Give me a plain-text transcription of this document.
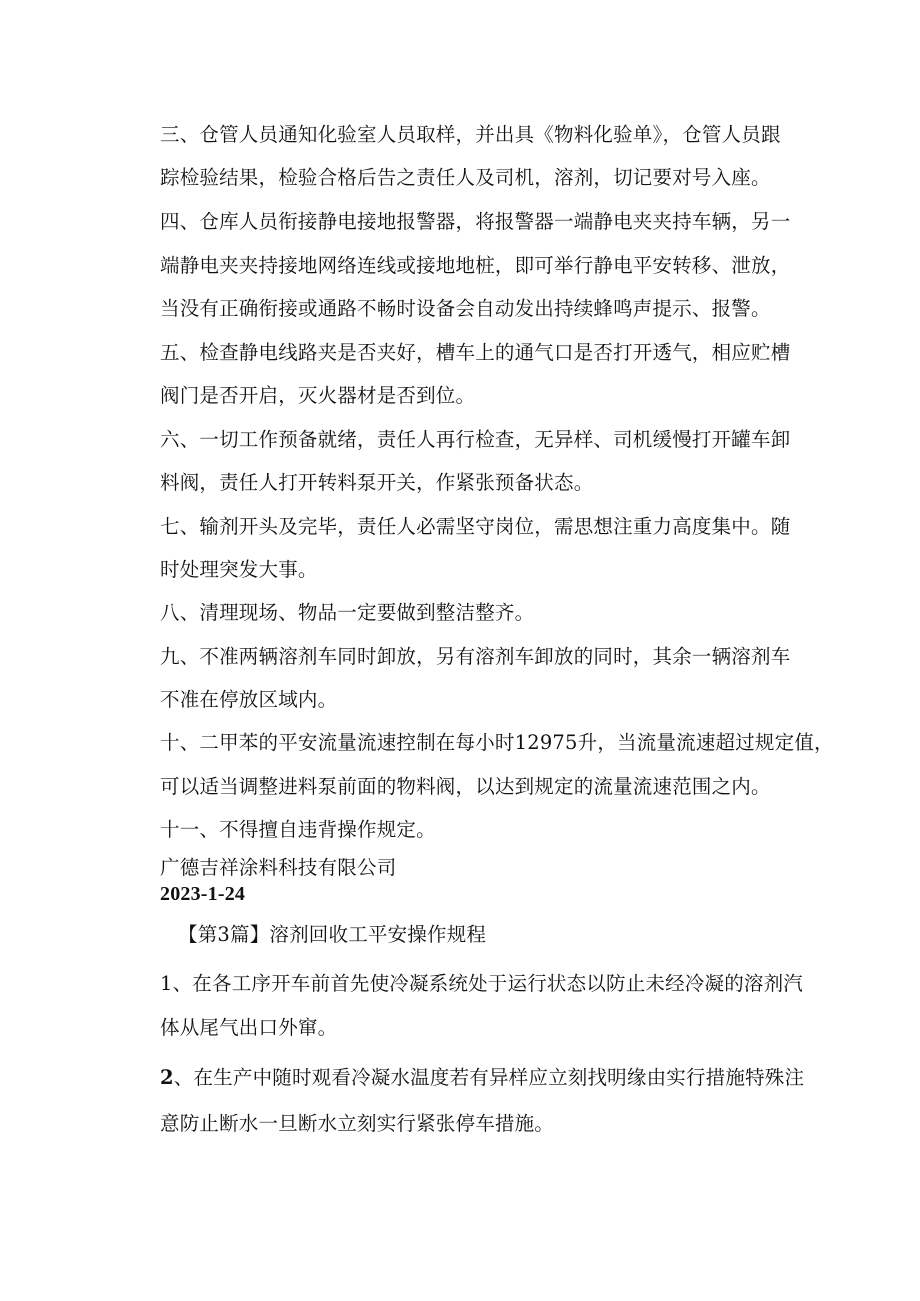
三、仓管人员通知化验室人员取样，并出具《物料化验单》，仓管人员跟
踪检验结果，检验合格后告之责任人及司机，溶剂，切记要对号入座。
四、仓库人员衔接静电接地报警器，将报警器一端静电夹夹持车辆，另一
端静电夹夹持接地网络连线或接地地桩，即可举行静电平安转移、泄放，
当没有正确衔接或通路不畅时设备会自动发出持续蜂鸣声提示、报警。
五、检查静电线路夹是否夹好，槽车上的通气口是否打开透气，相应贮槽
阀门是否开启，灭火器材是否到位。
六、一切工作预备就绪，责任人再行检查，无异样、司机缓慢打开罐车卸
料阀，责任人打开转料泵开关，作紧张预备状态。
七、输剂开头及完毕，责任人必需坚守岗位，需思想注重力高度集中。随
时处理突发大事。
八、清理现场、物品一定要做到整洁整齐。
九、不准两辆溶剂车同时卸放，另有溶剂车卸放的同时，其余一辆溶剂车
不准在停放区域内。
十、二甲苯的平安流量流速控制在每小时12975升，当流量流速超过规定值，
可以适当调整进料泵前面的物料阀，以达到规定的流量流速范围之内。
十一、不得擅自违背操作规定。
广德吉祥涂料科技有限公司
2023-1-24
【第3篇】溶剂回收工平安操作规程
1、在各工序开车前首先使冷凝系统处于运行状态以防止未经冷凝的溶剂汽
体从尾气出口外窜。
2、在生产中随时观看冷凝水温度若有异样应立刻找明缘由实行措施特殊注
意防止断水一旦断水立刻实行紧张停车措施。
